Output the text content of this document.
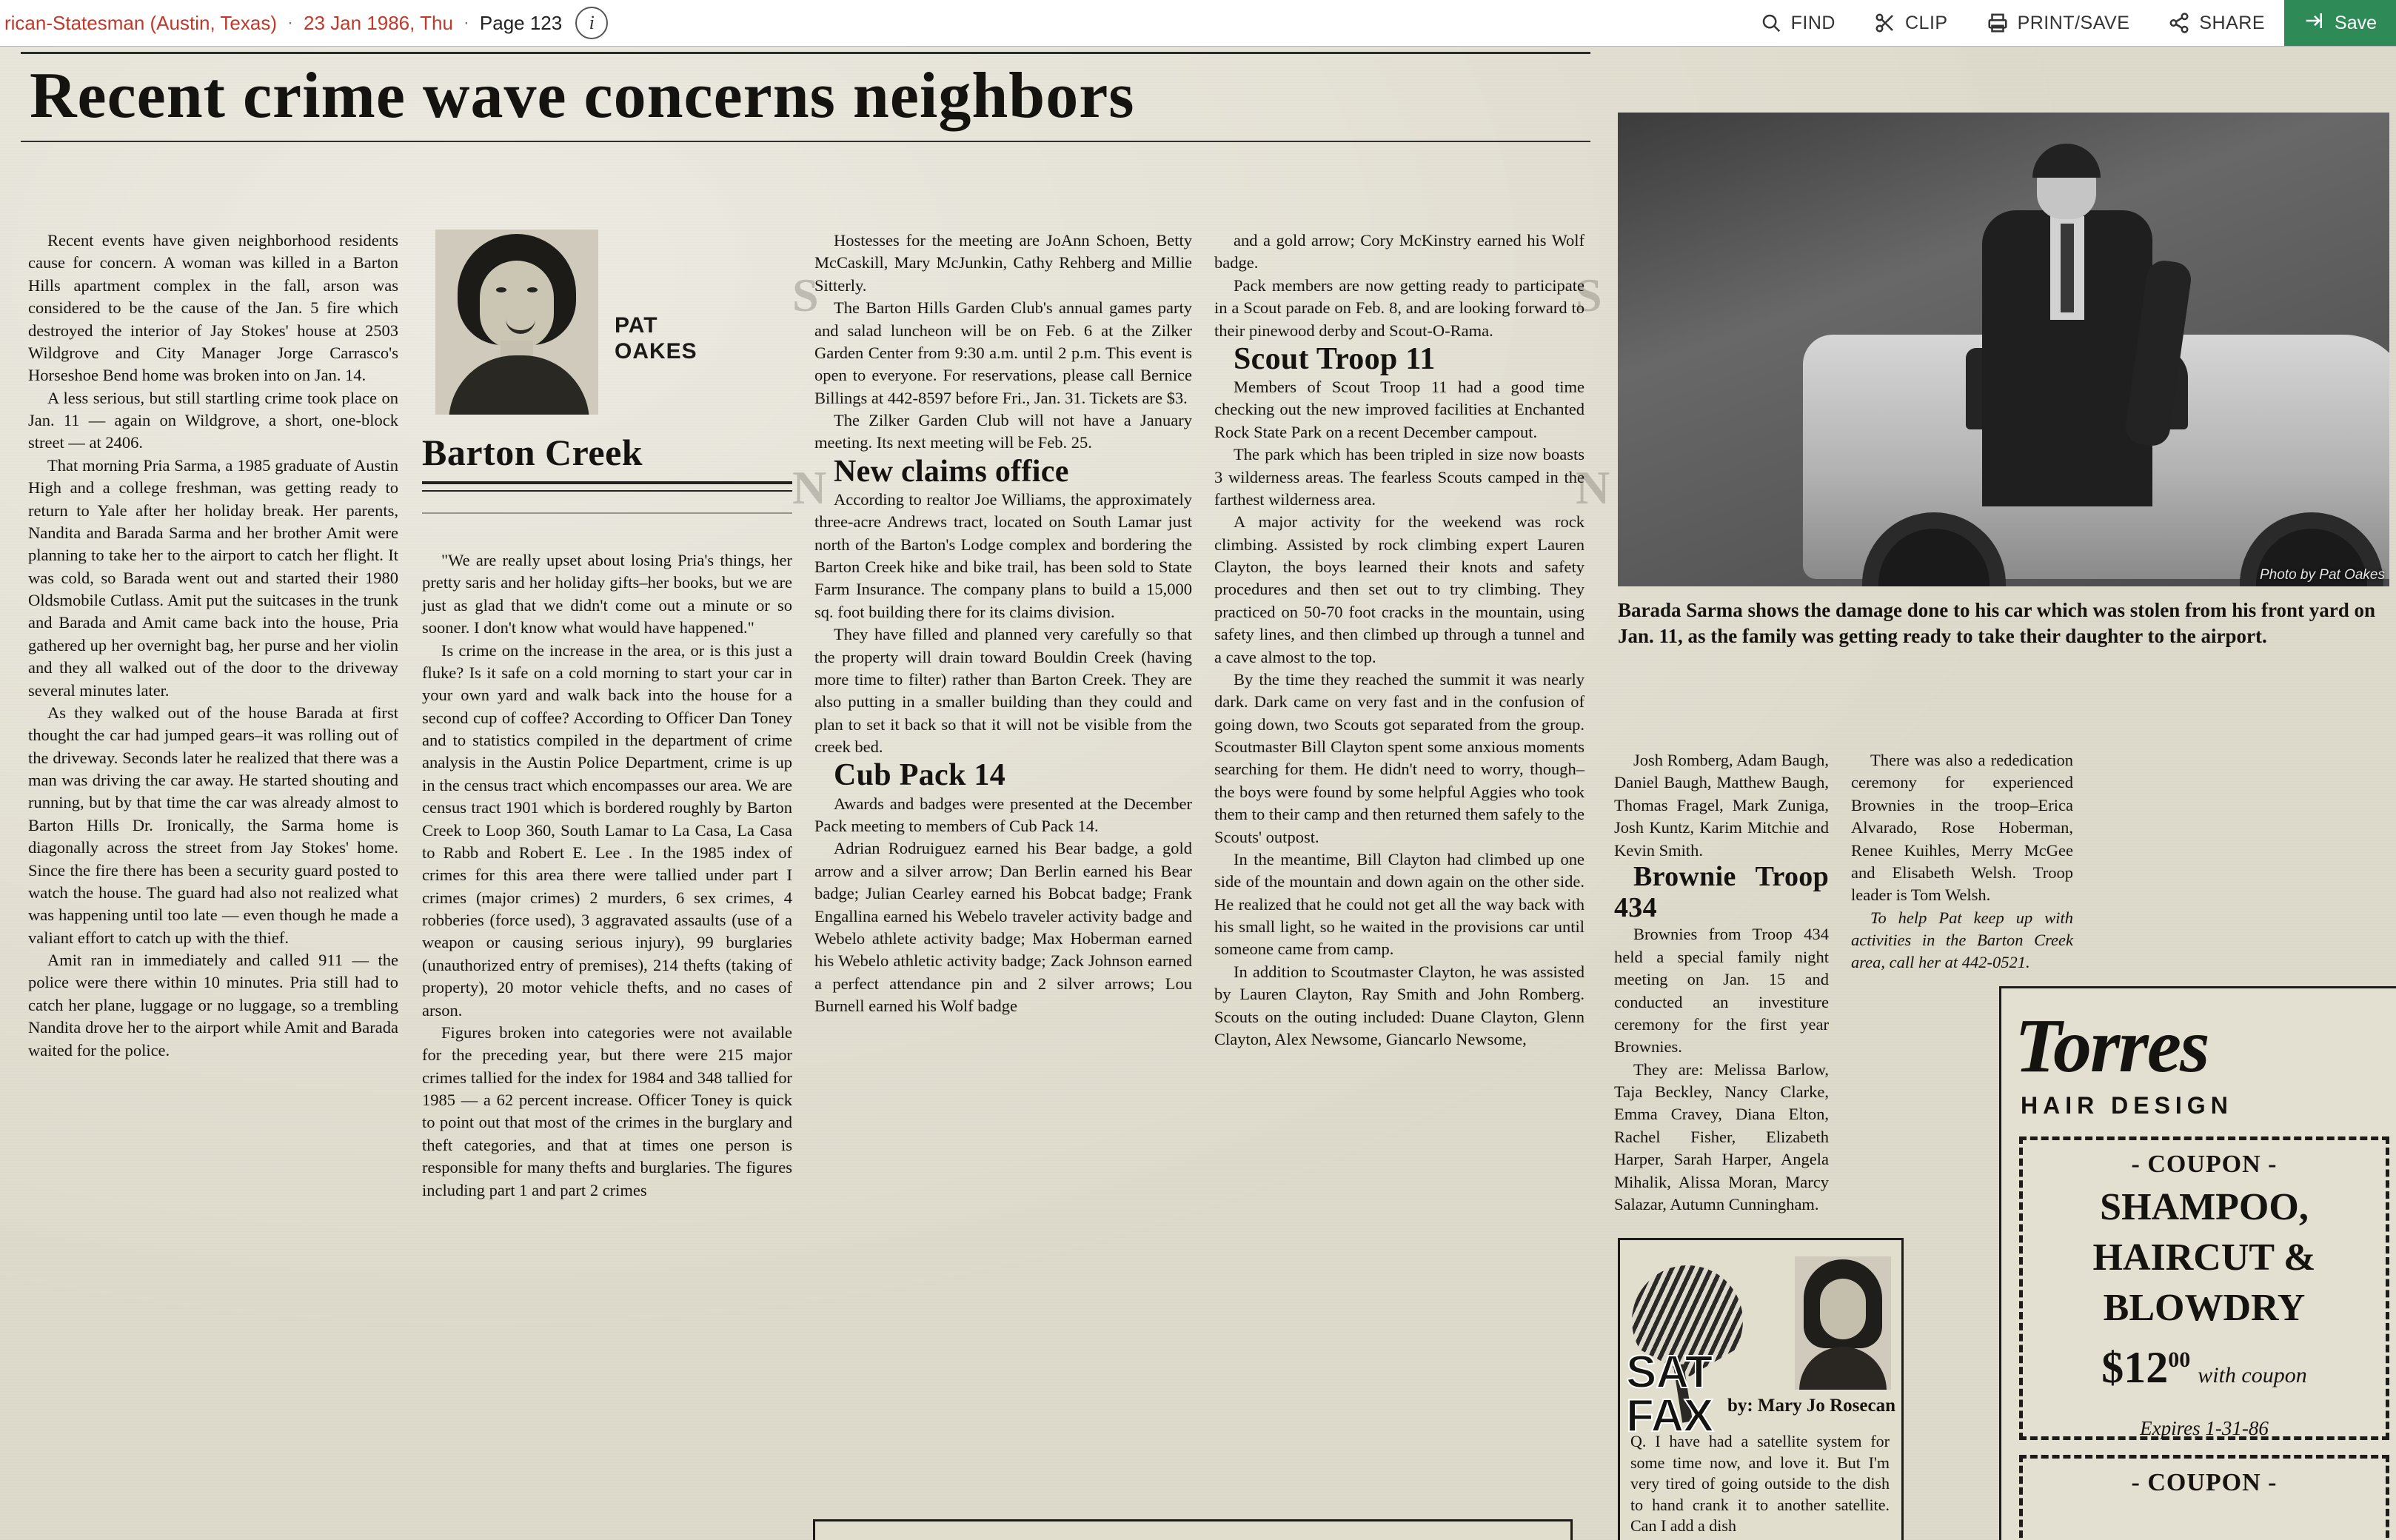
rican-Statesman (Austin, Texas) · 23 Jan 1986, Thu · Page 123	i	FIND	CLIP	PRINT/SAVE	SHARE	Save
Recent crime wave concerns neighbors
S
N
S
N

Recent events have given neighborhood residents cause for concern. A woman was killed in a Barton Hills apartment complex in the fall, arson was considered to be the cause of the Jan. 5 fire which destroyed the interior of Jay Stokes' house at 2503 Wildgrove and City Manager Jorge Carrasco's Horseshoe Bend home was broken into on Jan. 14.

A less serious, but still startling crime took place on Jan. 11 — again on Wildgrove, a short, one-block street — at 2406.

That morning Pria Sarma, a 1985 graduate of Austin High and a college freshman, was getting ready to return to Yale after her holiday break. Her parents, Nandita and Barada Sarma and her brother Amit were planning to take her to the airport to catch her flight. It was cold, so Barada went out and started their 1980 Oldsmobile Cutlass. Amit put the suitcases in the trunk and Barada and Amit came back into the house, Pria gathered up her overnight bag, her purse and her violin and they all walked out of the door to the driveway several minutes later.

As they walked out of the house Barada at first thought the car had jumped gears–it was rolling out of the driveway. Seconds later he realized that there was a man was driving the car away. He started shouting and running, but by that time the car was already almost to Barton Hills Dr. Ironically, the Sarma home is diagonally across the street from Jay Stokes' home. Since the fire there has been a security guard posted to watch the house. The guard had also not realized what was happening until too late — even though he made a valiant effort to catch up with the thief.

Amit ran in immediately and called 911 — the police were there within 10 minutes. Pria still had to catch her plane, luggage or no luggage, so a trembling Nandita drove her to the airport while Amit and Barada waited for the police.

PAT
OAKES
Barton Creek

"We are really upset about losing Pria's things, her pretty saris and her holiday gifts–her books, but we are just as glad that we didn't come out a minute or so sooner. I don't know what would have happened."

Is crime on the increase in the area, or is this just a fluke? Is it safe on a cold morning to start your car in your own yard and walk back into the house for a second cup of coffee? According to Officer Dan Toney and to statistics compiled in the department of crime analysis in the Austin Police Department, crime is up in the census tract which encompasses our area. We are census tract 1901 which is bordered roughly by Barton Creek to Loop 360, South Lamar to La Casa, La Casa to Rabb and Robert E. Lee . In the 1985 index of crimes for this area there were tallied under part I crimes (major crimes) 2 murders, 6 sex crimes, 4 robberies (force used), 3 aggravated assaults (use of a weapon or causing serious injury), 99 burglaries (unauthorized entry of premises), 214 thefts (taking of property), 20 motor vehicle thefts, and no cases of arson.

Figures broken into categories were not available for the preceding year, but there were 215 major crimes tallied for the index for 1984 and 348 tallied for 1985 — a 62 percent increase. Officer Toney is quick to point out that most of the crimes in the burglary and theft categories, and that at times one person is responsible for many thefts and burglaries. The figures including part 1 and part 2 crimes

Hostesses for the meeting are JoAnn Schoen, Betty McCaskill, Mary McJunkin, Cathy Rehberg and Millie Sitterly.

The Barton Hills Garden Club's annual games party and salad luncheon will be on Feb. 6 at the Zilker Garden Center from 9:30 a.m. until 2 p.m. This event is open to everyone. For reservations, please call Bernice Billings at 442-8597 before Fri., Jan. 31. Tickets are $3.

The Zilker Garden Club will not have a January meeting. Its next meeting will be Feb. 25.

New claims office

According to realtor Joe Williams, the approximately three-acre Andrews tract, located on South Lamar just north of the Barton's Lodge complex and bordering the Barton Creek hike and bike trail, has been sold to State Farm Insurance. The company plans to build a 15,000 sq. foot building there for its claims division.

They have filled and planned very carefully so that the property will drain toward Bouldin Creek (having more time to filter) rather than Barton Creek. They are also putting in a smaller building than they could and plan to set it back so that it will not be visible from the creek bed.

Cub Pack 14

Awards and badges were presented at the December Pack meeting to members of Cub Pack 14.

Adrian Rodruiguez earned his Bear badge, a gold arrow and a silver arrow; Dan Berlin earned his Bear badge; Julian Cearley earned his Bobcat badge; Frank Engallina earned his Webelo traveler activity badge and Webelo athlete activity badge; Max Hoberman earned his Webelo athletic activity badge; Zack Johnson earned a perfect attendance pin and 2 silver arrows; Lou Burnell earned his Wolf badge

and a gold arrow; Cory McKinstry earned his Wolf badge.

Pack members are now getting ready to participate in a Scout parade on Feb. 8, and are looking forward to their pinewood derby and Scout-O-Rama.

Scout Troop 11

Members of Scout Troop 11 had a good time checking out the new improved facilities at Enchanted Rock State Park on a recent December campout.

The park which has been tripled in size now boasts 3 wilderness areas. The fearless Scouts camped in the farthest wilderness area.

A major activity for the weekend was rock climbing. Assisted by rock climbing expert Lauren Clayton, the boys learned their knots and safety procedures and then set out to try climbing. They practiced on 50-70 foot cracks in the mountain, using safety lines, and then climbed up through a tunnel and a cave almost to the top.

By the time they reached the summit it was nearly dark. Dark came on very fast and in the confusion of going down, two Scouts got separated from the group. Scoutmaster Bill Clayton spent some anxious moments searching for them. He didn't need to worry, though–the boys were found by some helpful Aggies who took them to their camp and then returned them safely to the Scouts' outpost.

In the meantime, Bill Clayton had climbed up one side of the mountain and down again on the other side. He realized that he could not get all the way back with his small light, so he waited in the provisions car until someone came from camp.

In addition to Scoutmaster Clayton, he was assisted by Lauren Clayton, Ray Smith and John Romberg. Scouts on the outing included: Duane Clayton, Glenn Clayton, Alex Newsome, Giancarlo Newsome,

Photo by Pat Oakes
Barada Sarma shows the damage done to his car which was stolen from his front yard on Jan. 11, as the family was getting ready to take their daughter to the airport.

Josh Romberg, Adam Baugh, Daniel Baugh, Matthew Baugh, Thomas Fragel, Mark Zuniga, Josh Kuntz, Karim Mitchie and Kevin Smith.

Brownie Troop 434

Brownies from Troop 434 held a special family night meeting on Jan. 15 and conducted an investiture ceremony for the first year Brownies.

They are: Melissa Barlow, Taja Beckley, Nancy Clarke, Emma Cravey, Diana Elton, Rachel Fisher, Elizabeth Harper, Sarah Harper, Angela Mihalik, Alissa Moran, Marcy Salazar, Autumn Cunningham.

There was also a rededication ceremony for experienced Brownies in the troop–Erica Alvarado, Rose Hoberman, Renee Kuihles, Merry McGee and Elisabeth Welsh. Troop leader is Tom Welsh.

To help Pat keep up with activities in the Barton Creek area, call her at 442-0521.

SAT
FAX by: Mary Jo Rosecan
Q. I have had a satellite system for some time now, and love it. But I'm very tired of going outside to the dish to hand crank it to another satellite. Can I add a dish
Torres
HAIR DESIGN
- COUPON -
SHAMPOO,
HAIRCUT &
BLOWDRY
$\$12^{00}with$ coupon
Expires 1-31-86
- COUPON -
